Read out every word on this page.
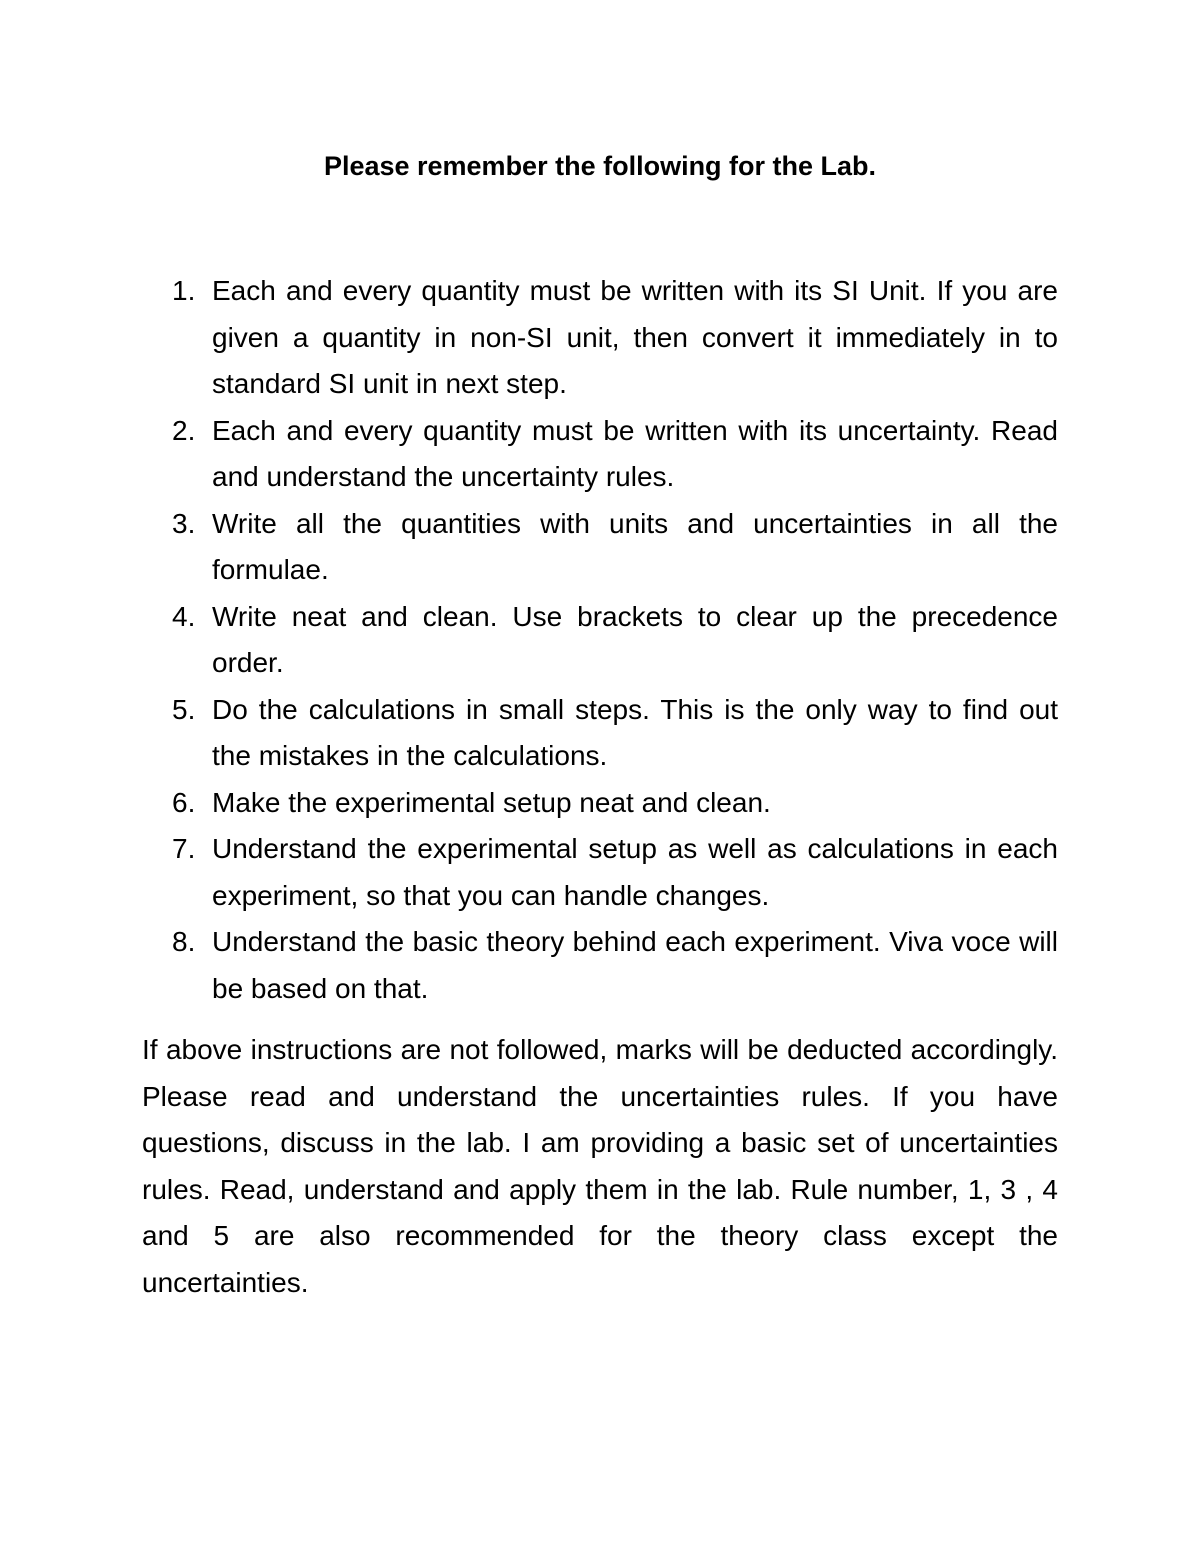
Please remember the following for the Lab.
1. Each and every quantity must be written with its SI Unit. If you are given a quantity in non-SI unit, then convert it immediately in to standard SI unit in next step.
2. Each and every quantity must be written with its uncertainty. Read and understand the uncertainty rules.
3. Write all the quantities with units and uncertainties in all the formulae.
4. Write neat and clean. Use brackets to clear up the precedence order.
5. Do the calculations in small steps. This is the only way to find out the mistakes in the calculations.
6. Make the experimental setup neat and clean.
7. Understand the experimental setup as well as calculations in each experiment, so that you can handle changes.
8. Understand the basic theory behind each experiment. Viva voce will be based on that.

If above instructions are not followed, marks will be deducted accordingly. Please read and understand the uncertainties rules. If you have questions, discuss in the lab. I am providing a basic set of uncertainties rules. Read, understand and apply them in the lab. Rule number, 1, 3 , 4 and 5 are also recommended for the theory class except the uncertainties.
